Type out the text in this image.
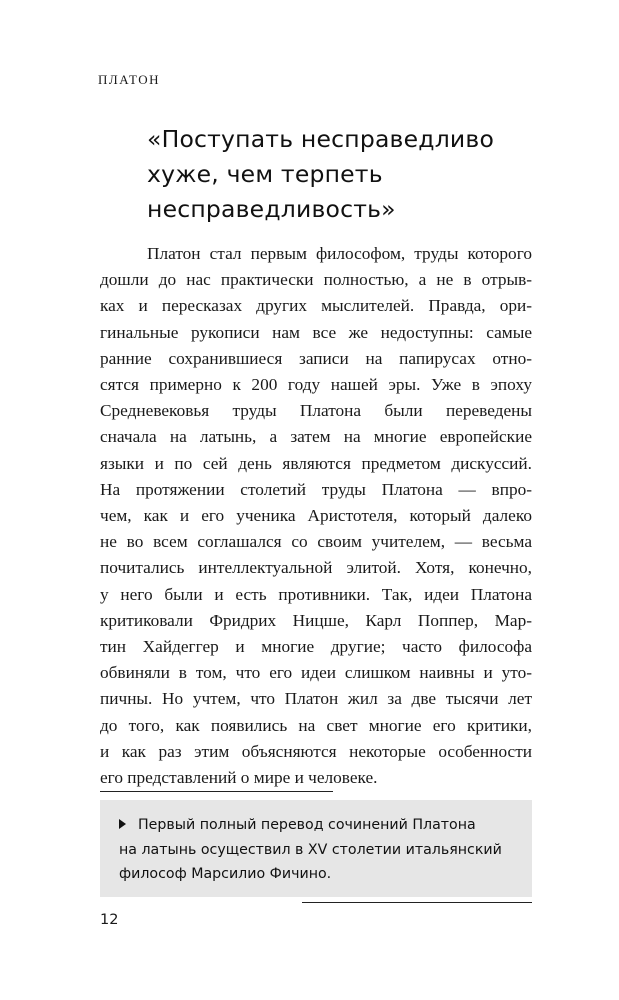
ПЛАТОН
«Поступать несправедливо
хуже, чем терпеть
несправедливость»
Платон стал первым философом, труды которого
дошли до нас практически полностью, а не в отрыв-
ках и пересказах других мыслителей. Правда, ори-
гинальные рукописи нам все же недоступны: самые
ранние сохранившиеся записи на папирусах отно-
сятся примерно к 200 году нашей эры. Уже в эпоху
Средневековья труды Платона были переведены
сначала на латынь, а затем на многие европейские
языки и по сей день являются предметом дискуссий.
На протяжении столетий труды Платона — впро-
чем, как и его ученика Аристотеля, который далеко
не во всем соглашался со своим учителем, — весьма
почитались интеллектуальной элитой. Хотя, конечно,
у него были и есть противники. Так, идеи Платона
критиковали Фридрих Ницше, Карл Поппер, Мар-
тин Хайдеггер и многие другие; часто философа
обвиняли в том, что его идеи слишком наивны и уто-
пичны. Но учтем, что Платон жил за две тысячи лет
до того, как появились на свет многие его критики,
и как раз этим объясняются некоторые особенности
его представлений о мире и человеке.
Первый полный перевод сочинений Платона
на латынь осуществил в XV столетии итальянский
философ Марсилио Фичино.
12
